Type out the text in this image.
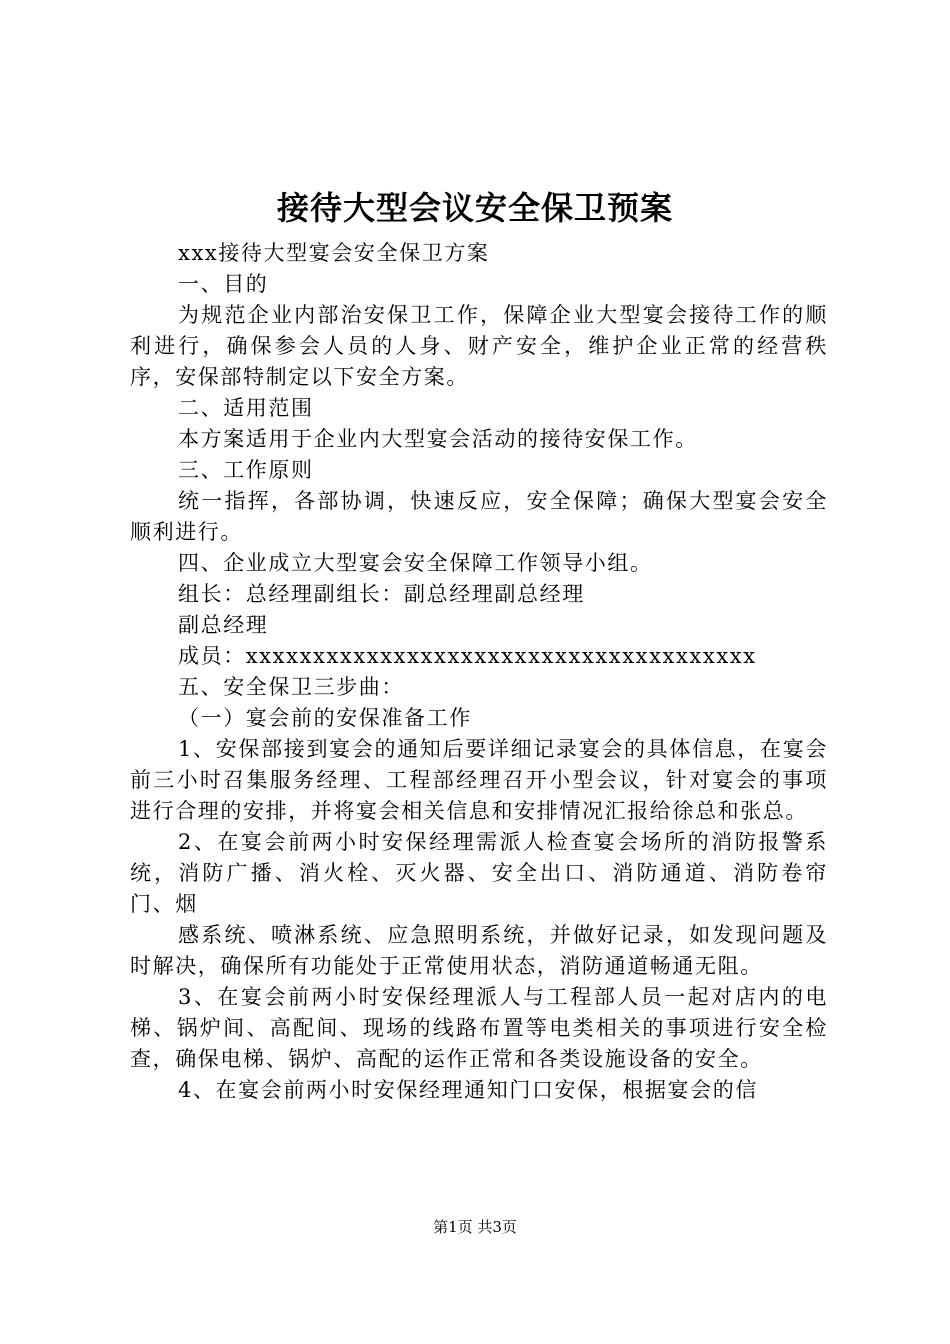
接待大型会议安全保卫预案

xxx接待大型宴会安全保卫方案

一、目的

为规范企业内部治安保卫工作，保障企业大型宴会接待工作的顺利进行，确保参会人员的人身、财产安全，维护企业正常的经营秩序，安保部特制定以下安全方案。

二、适用范围

本方案适用于企业内大型宴会活动的接待安保工作。

三、工作原则

统一指挥，各部协调，快速反应，安全保障；确保大型宴会安全顺利进行。

四、企业成立大型宴会安全保障工作领导小组。

组长：总经理副组长：副总经理副总经理

副总经理

成员：xxxxxxxxxxxxxxxxxxxxxxxxxxxxxxxxxxxxxx

五、安全保卫三步曲：

（一）宴会前的安保准备工作

1、安保部接到宴会的通知后要详细记录宴会的具体信息，在宴会前三小时召集服务经理、工程部经理召开小型会议，针对宴会的事项进行合理的安排，并将宴会相关信息和安排情况汇报给徐总和张总。

2、在宴会前两小时安保经理需派人检查宴会场所的消防报警系统，消防广播、消火栓、灭火器、安全出口、消防通道、消防卷帘门、烟

感系统、喷淋系统、应急照明系统，并做好记录，如发现问题及时解决，确保所有功能处于正常使用状态，消防通道畅通无阻。

3、在宴会前两小时安保经理派人与工程部人员一起对店内的电梯、锅炉间、高配间、现场的线路布置等电类相关的事项进行安全检查，确保电梯、锅炉、高配的运作正常和各类设施设备的安全。

4、在宴会前两小时安保经理通知门口安保，根据宴会的信

第1页 共3页
